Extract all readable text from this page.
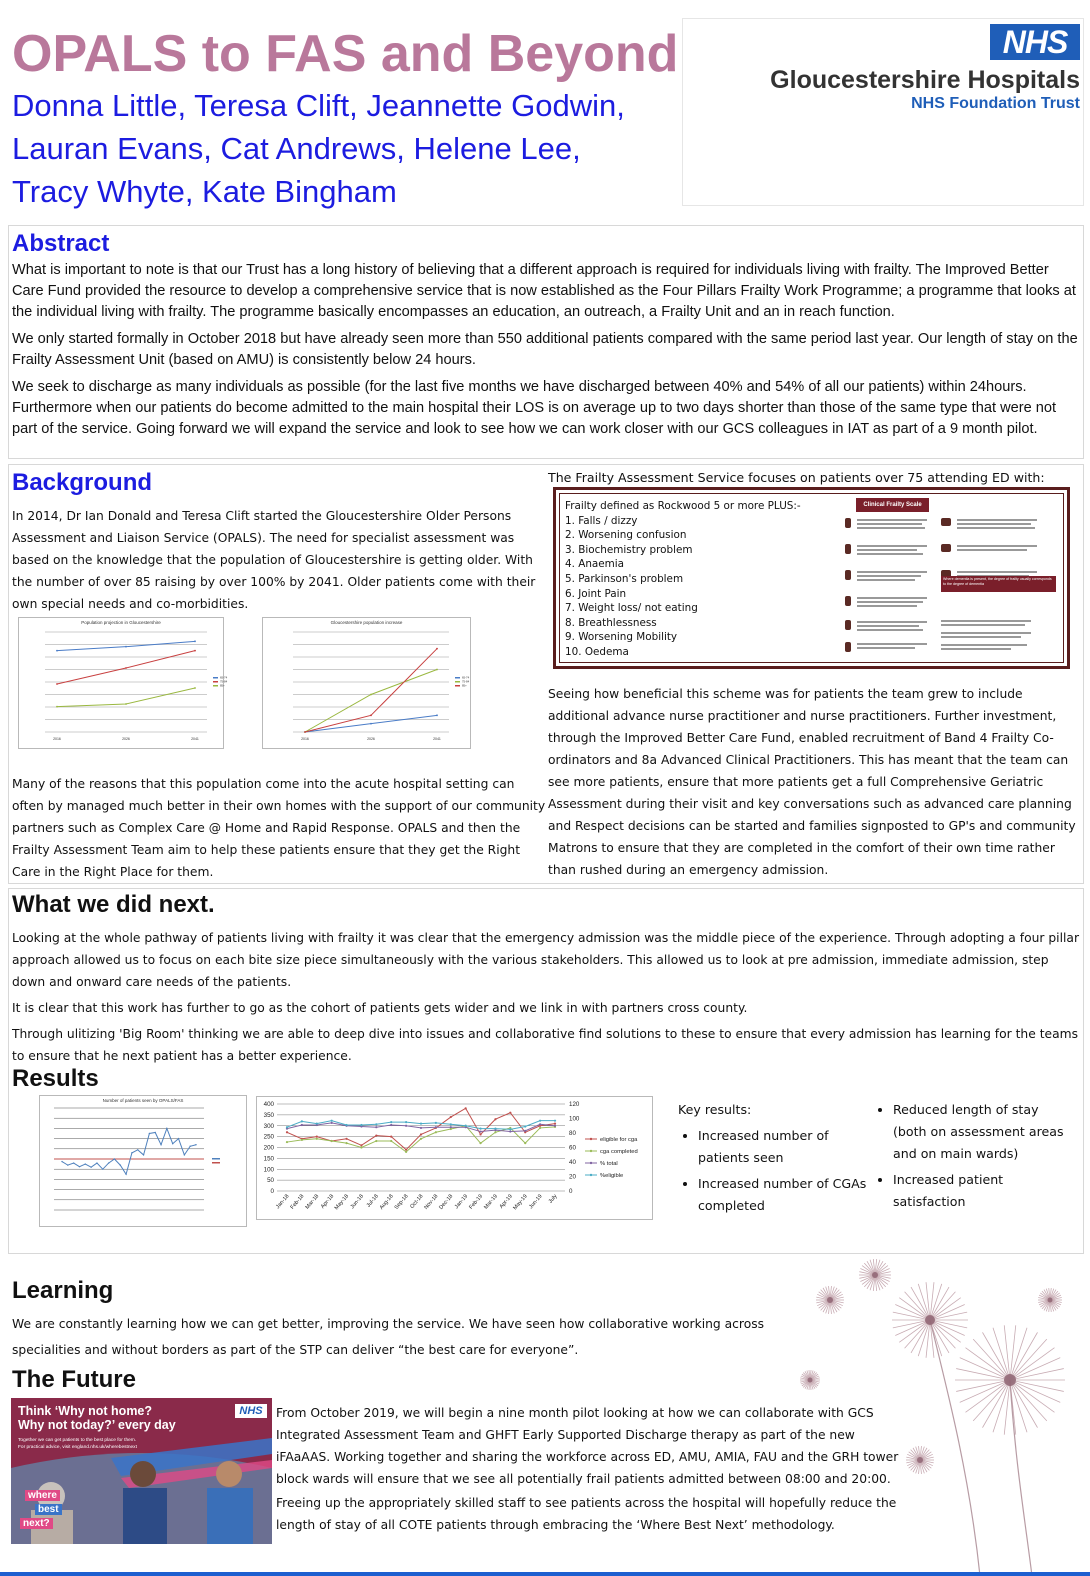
OPALS to FAS and Beyond
Donna Little, Teresa Clift, Jeannette Godwin,
Lauran Evans, Cat Andrews, Helene Lee,
Tracy Whyte, Kate Bingham
NHS
Gloucestershire Hospitals
NHS Foundation Trust
Abstract

What is important to note is that our Trust has a long history of believing that a different approach is required for individuals living with frailty. The Improved Better Care Fund provided the resource to develop a comprehensive service that is now established as the Four Pillars Frailty Work Programme; a programme that looks at the individual living with frailty. The programme basically encompasses an education, an outreach, a Frailty Unit and an in reach function.

We only started formally in October 2018 but have already seen more than 550 additional patients compared with the same period last year. Our length of stay on the Frailty Assessment Unit (based on AMU) is consistently below 24 hours.

We seek to discharge as many individuals as possible (for the last five months we have discharged between 40% and 54% of all our patients) within 24hours. Furthermore when our patients do become admitted to the main hospital their LOS is on average up to two days shorter than those of the same type that were not part of the service. Going forward we will expand the service and look to see how we can work closer with our GCS colleagues in IAT as part of a 9 month pilot.

Background
In 2014, Dr Ian Donald and Teresa Clift started the Gloucestershire Older Persons Assessment and Liaison Service (OPALS). The need for specialist assessment was based on the knowledge that the population of Gloucestershire is getting older. With the number of over 85 raising by over 100% by 2041. Older patients come with their own special needs and co-morbidities.
Population projection in Gloucestershire
2016	2026	2041
65-74
75-84
85+
Gloucestershire population increase
2016	2026	2041
65-74
75-84
85+
Many of the reasons that this population come into the acute hospital setting can often by managed much better in their own homes with the support of our community partners such as Complex Care @ Home and Rapid Response. OPALS and then the Frailty Assessment Team aim to help these patients ensure that they get the Right Care in the Right Place for them.
The Frailty Assessment Service focuses on patients over 75 attending ED with:
Frailty defined as Rockwood 5 or more PLUS:-
1. Falls / dizzy
2. Worsening confusion
3. Biochemistry problem
4. Anaemia
5. Parkinson's problem
6. Joint Pain
7. Weight loss/ not eating
8. Breathlessness
9. Worsening Mobility
10. Oedema
Clinical Frailty Scale
Where dementia is present, the degree of frailty usually corresponds to the degree of dementia
Seeing how beneficial this scheme was for patients the team grew to include additional advance nurse practitioner and nurse practitioners. Further investment, through the Improved Better Care Fund, enabled recruitment of Band 4 Frailty Co-ordinators and 8a Advanced Clinical Practitioners. This has meant that the team can see more patients, ensure that more patients get a full Comprehensive Geriatric Assessment during their visit and key conversations such as advanced care planning and Respect decisions can be started and families signposted to GP's and community Matrons to ensure that they are completed in the comfort of their own time rather than rushed during an emergency admission.
What we did next.
Looking at the whole pathway of patients living with frailty it was clear that the emergency admission was the middle piece of the experience. Through adopting a four pillar approach allowed us to focus on each bite size piece simultaneously with the various stakeholders. This allowed us to look at pre admission, immediate admission, step down and onward care needs of the patients.
It is clear that this work has further to go as the cohort of patients gets wider and we link in with partners cross county.
Through ulitizing 'Big Room' thinking we are able to deep dive into issues and collaborative find solutions to these to ensure that every admission has learning for the teams to ensure that he next patient has a better experience.
Results
Number of patients seen by OPALS/FAS
400
350
300
250
200
150
100
50
0
120
100
80
60
40
20
0
Jan-18 Feb-18 Mar-18 Apr-18
May-18 Jun-18 Jul-18
Aug-18
Sep-18 Oct-18
Nov-18
Dec-18 Jan-19 Feb-19 Mar-19 Apr-19
May-19 Jun-19 July
eligible for cga
cga completed
% total
%eligible
Key results:
• Increased number of patients seen
• Increased number of CGAs completed
• Reduced length of stay (both on assessment areas and on main wards)
• Increased patient satisfaction
Learning
We are constantly learning how we can get better, improving the service. We have seen how collaborative working across specialities and without borders as part of the STP can deliver “the best care for everyone”.
The Future
Think ‘Why not home?
Why not today?’ every day
NHS
Together we can get patients to the best place for them. For practical advice, visit england.nhs.uk/wherebestnext
where
best
next?
From October 2019, we will begin a nine month pilot looking at how we can collaborate with GCS Integrated Assessment Team and GHFT Early Supported Discharge therapy as part of the new iFAaAAS. Working together and sharing the workforce across ED, AMU, AMIA, FAU and the GRH tower block wards will ensure that we see all potentially frail patients admitted between 08:00 and 20:00.
Freeing up the appropriately skilled staff to see patients across the hospital will hopefully reduce the length of stay of all COTE patients through embracing the ‘Where Best Next’ methodology.
